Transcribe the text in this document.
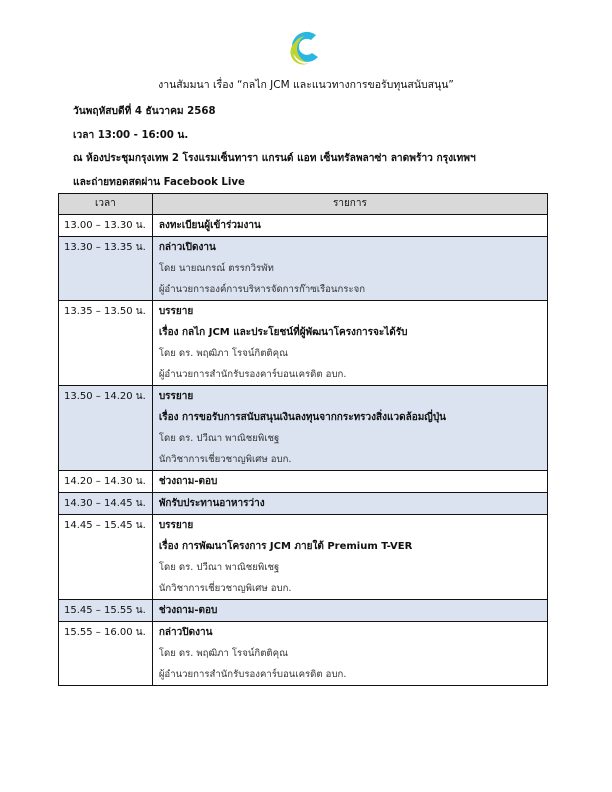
งานสัมมนา เรื่อง “กลไก JCM และแนวทางการขอรับทุนสนับสนุน”
วันพฤหัสบดีที่ 4 ธันวาคม 2568
เวลา 13:00 - 16:00 น.
ณ ห้องประชุมกรุงเทพ 2 โรงแรมเซ็นทารา แกรนด์ แอท เซ็นทรัลพลาซ่า ลาดพร้าว กรุงเทพฯ
และถ่ายทอดสดผ่าน Facebook Live
เวลา	รายการ

13.00 – 13.30 น.	ลงทะเบียนผู้เข้าร่วมงาน

13.30 – 13.35 น.	กล่าวเปิดงาน
โดย นายณกรณ์ ตรรกวิรพัท
ผู้อำนวยการองค์การบริหารจัดการก๊าซเรือนกระจก

13.35 – 13.50 น.	บรรยาย
เรื่อง กลไก JCM และประโยชน์ที่ผู้พัฒนาโครงการจะได้รับ
โดย ดร. พฤฒิภา โรจน์กิตติคุณ
ผู้อำนวยการสำนักรับรองคาร์บอนเครดิต อบก.

13.50 – 14.20 น.	บรรยาย
เรื่อง การขอรับการสนับสนุนเงินลงทุนจากกระทรวงสิ่งแวดล้อมญี่ปุ่น
โดย ดร. ปวีณา พาณิชยพิเชฐ
นักวิชาการเชี่ยวชาญพิเศษ อบก.

14.20 – 14.30 น.	ช่วงถาม-ตอบ

14.30 – 14.45 น.	พักรับประทานอาหารว่าง

14.45 – 15.45 น.	บรรยาย
เรื่อง การพัฒนาโครงการ JCM ภายใต้ Premium T-VER
โดย ดร. ปวีณา พาณิชยพิเชฐ
นักวิชาการเชี่ยวชาญพิเศษ อบก.

15.45 – 15.55 น.	ช่วงถาม-ตอบ

15.55 – 16.00 น.	กล่าวปิดงาน
โดย ดร. พฤฒิภา โรจน์กิตติคุณ
ผู้อำนวยการสำนักรับรองคาร์บอนเครดิต อบก.
